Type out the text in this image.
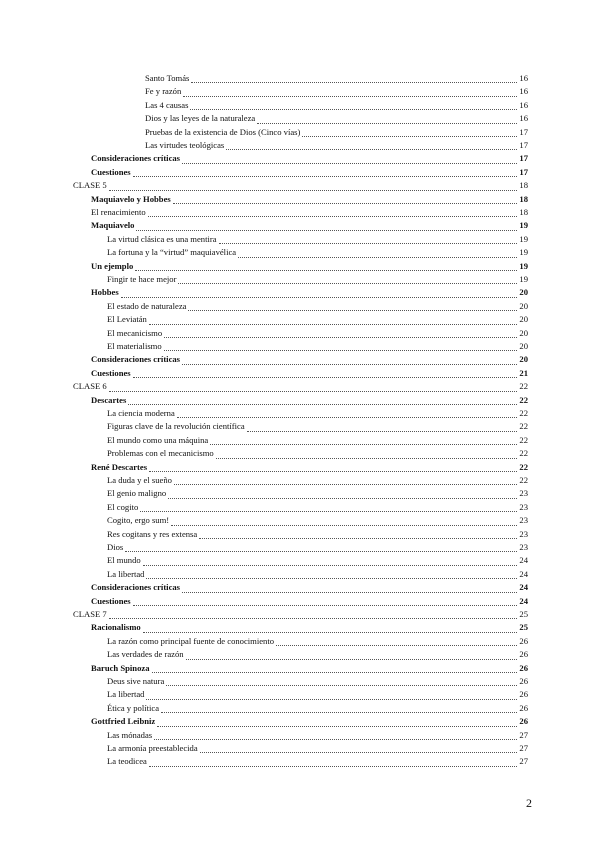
Santo Tomás	16
Fe y razón	16
Las 4 causas	16
Dios y las leyes de la naturaleza	16
Pruebas de la existencia de Dios (Cinco vías)	17
Las virtudes teológicas	17
Consideraciones críticas	17
Cuestiones	17
CLASE 5	18
Maquiavelo y Hobbes	18
El renacimiento	18
Maquiavelo	19
La virtud clásica es una mentira	19
La fortuna y la “virtud” maquiavélica	19
Un ejemplo	19
Fingir te hace mejor	19
Hobbes	20
El estado de naturaleza	20
El Leviatán	20
El mecanicismo	20
El materialismo	20
Consideraciones críticas	20
Cuestiones	21
CLASE 6	22
Descartes	22
La ciencia moderna	22
Figuras clave de la revolución científica	22
El mundo como una máquina	22
Problemas con el mecanicismo	22
René Descartes	22
La duda y el sueño	22
El genio maligno	23
El cogito	23
Cogito, ergo sum!	23
Res cogitans y res extensa	23
Dios	23
El mundo	24
La libertad	24
Consideraciones críticas	24
Cuestiones	24
CLASE 7	25
Racionalismo	25
La razón como principal fuente de conocimiento	26
Las verdades de razón	26
Baruch Spinoza	26
Deus sive natura	26
La libertad	26
Ética y política	26
Gottfried Leibniz	26
Las mónadas	27
La armonía preestablecida	27
La teodicea	27
2
